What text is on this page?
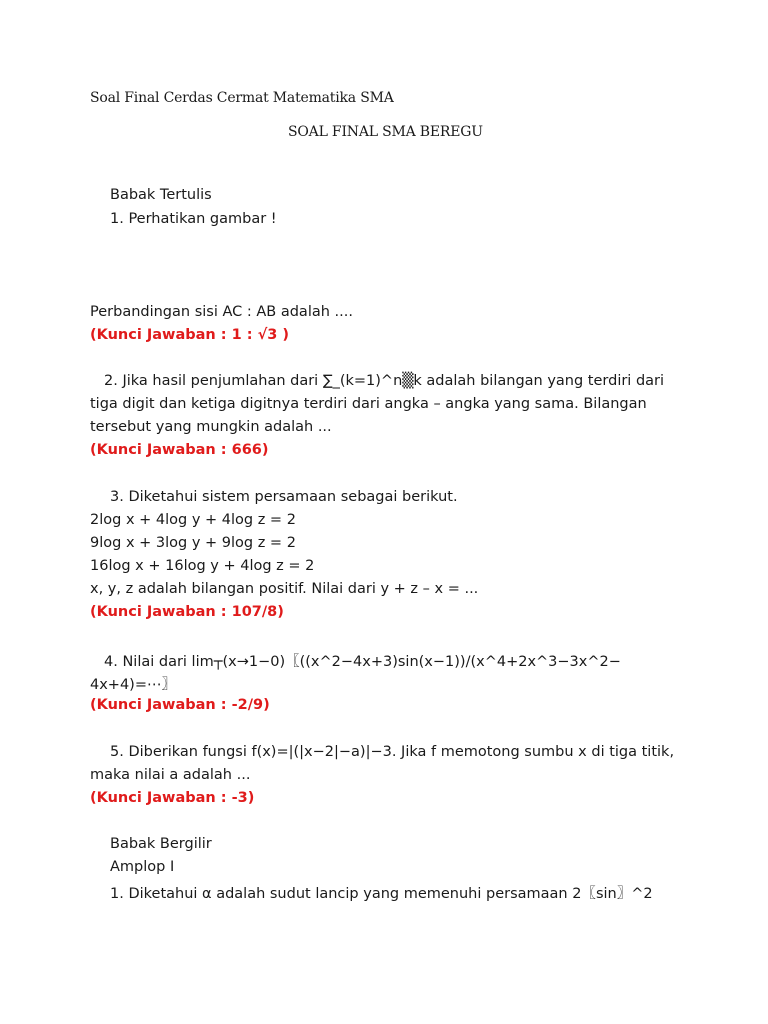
Soal Final Cerdas Cermat Matematika SMA
SOAL FINAL SMA BEREGU
Babak Tertulis
1. Perhatikan gambar !
Perbandingan sisi AC : AB adalah ....
(Kunci Jawaban : 1 : √3 )
2. Jika hasil penjumlahan dari ∑_(k=1)^n▒k adalah bilangan yang terdiri dari
tiga digit dan ketiga digitnya terdiri dari angka – angka yang sama. Bilangan
tersebut yang mungkin adalah ...
(Kunci Jawaban : 666)
3. Diketahui sistem persamaan sebagai berikut.
2log x + 4log y + 4log z = 2
9log x + 3log y + 9log z = 2
16log x + 16log y + 4log z = 2
x, y, z adalah bilangan positif. Nilai dari y + z – x = ...
(Kunci Jawaban : 107/8)
4. Nilai dari lim┬(x→1−0)⁡〖((x^2−4x+3)sin⁡(x−1))/(x^4+2x^3−3x^2−
4x+4)=⋯〗
(Kunci Jawaban : -2/9)
5. Diberikan fungsi f(x)=|(|x−2|−a)|−3. Jika f memotong sumbu x di tiga titik,
maka nilai a adalah ...
(Kunci Jawaban : -3)
Babak Bergilir
Amplop I
1. Diketahui α adalah sudut lancip yang memenuhi persamaan 2〖sin〗^2
